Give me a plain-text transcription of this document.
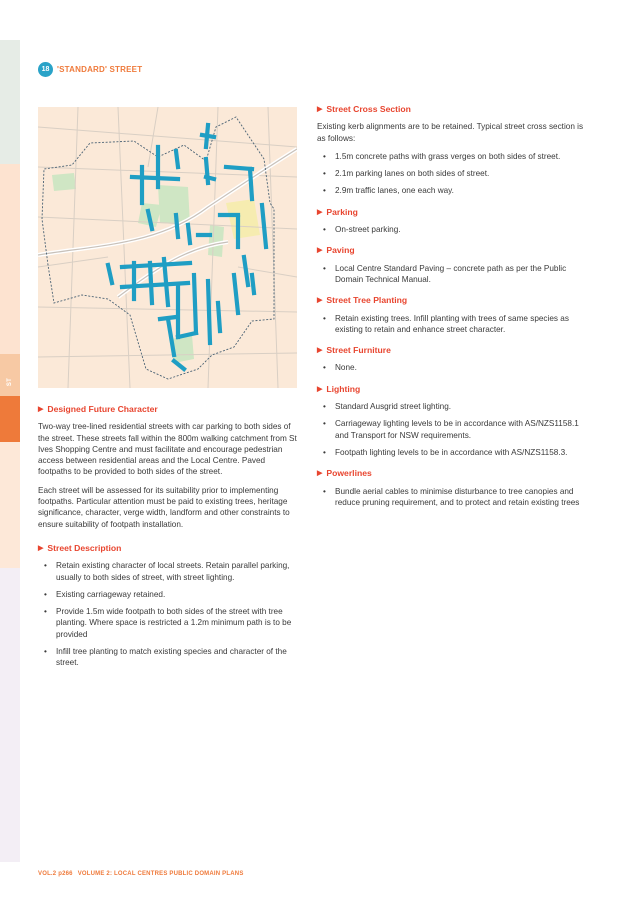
ST IVES
18 'STANDARD' STREET
▶ Designed Future Character

Two-way tree-lined residential streets with car parking to both sides of the street. These streets fall within the 800m walking catchment from St Ives Shopping Centre and must facilitate and encourage pedestrian access between residential areas and the Local Centre. Paved footpaths to be provided to both sides of the street.

Each street will be assessed for its suitability prior to implementing footpaths. Particular attention must be paid to existing trees, heritage significance, character, verge width, landform and other constraints to ensure suitability of footpath installation.

▶ Street Description
• Retain existing character of local streets. Retain parallel parking, usually to both sides of street, with street lighting.
• Existing carriageway retained.
• Provide 1.5m wide footpath to both sides of the street with tree planting. Where space is restricted a 1.2m minimum path is to be provided
• Infill tree planting to match existing species and character of the street.
▶ Street Cross Section

Existing kerb alignments are to be retained. Typical street cross section is as follows:

• 1.5m concrete paths with grass verges on both sides of street.
• 2.1m parking lanes on both sides of street.
• 2.9m traffic lanes, one each way.
▶ Parking
• On-street parking.
▶ Paving
• Local Centre Standard Paving – concrete path as per the Public Domain Technical Manual.
▶ Street Tree Planting
• Retain existing trees. Infill planting with trees of same species as existing to retain and enhance street character.
▶ Street Furniture
• None.
▶ Lighting
• Standard Ausgrid street lighting.
• Carriageway lighting levels to be in accordance with AS/NZS1158.1 and Transport for NSW requirements.
• Footpath lighting levels to be in accordance with AS/NZS1158.3.
▶ Powerlines
• Bundle aerial cables to minimise disturbance to tree canopies and reduce pruning requirement, and to protect and retain existing trees
VOL.2 p266 VOLUME 2: LOCAL CENTRES PUBLIC DOMAIN PLANS
